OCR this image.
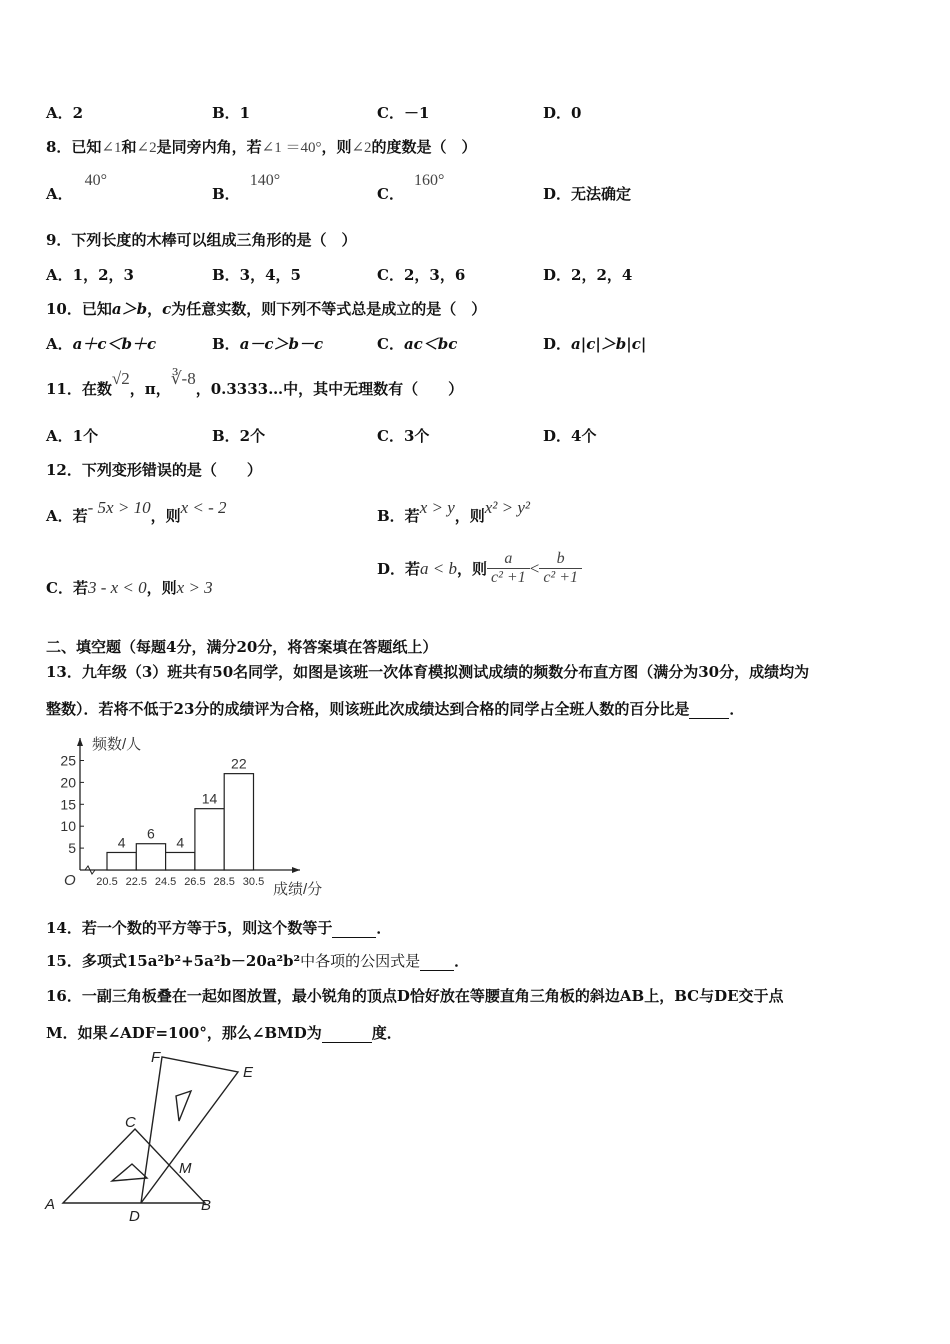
A．2	B．1	C．－1	D．0
8．已知∠1和∠2是同旁内角，若∠1 ＝40°，则∠2的度数是（　）
A．40°
B．140°
C．160°
D．无法确定
9．下列长度的木棒可以组成三角形的是（　）
A．1，2，3	B．3，4，5	C．2，3，6	D．2，2，4
10．已知a＞b，c为任意实数，则下列不等式总是成立的是（　）
A．a＋c＜b＋c	B．a－c＞b－c	C．ac＜bc	D．a|c|＞b|c|
11．在数√2，π，∛-8，0.3333…中，其中无理数有（　　）
A．1个	B．2个	C．3个	D．4个
12．下列变形错误的是（　　）
A．若- 5x > 10，则x < - 2	B．若x > y，则x² > y²
C．若3 - x < 0，则x > 3
D．若a < b，则 $\frac{a}{\text{c² +1}} < \frac{b}{\text{c² +1}}$
二、填空题（每题4分，满分20分，将答案填在答题纸上）
13．九年级（3）班共有50名同学，如图是该班一次体育模拟测试成绩的频数分布直方图（满分为30分，成绩均为
整数）．若将不低于23分的成绩评为合格，则该班此次成绩达到合格的同学占全班人数的百分比是	．
5
10
15
20
25
4
6
4
14
22
20.5 22.5 24.5 26.5 28.5 30.5
O
频数/人
成绩/分
14．若一个数的平方等于5，则这个数等于	．
15．多项式15a²b²+5a²b－20a²b²中各项的公因式是 ．
16．一副三角板叠在一起如图放置，最小锐角的顶点D恰好放在等腰直角三角板的斜边AB上，BC与DE交于点
M．如果∠ADF=100°，那么∠BMD为	度．
A	B
C
D
E
F
M
